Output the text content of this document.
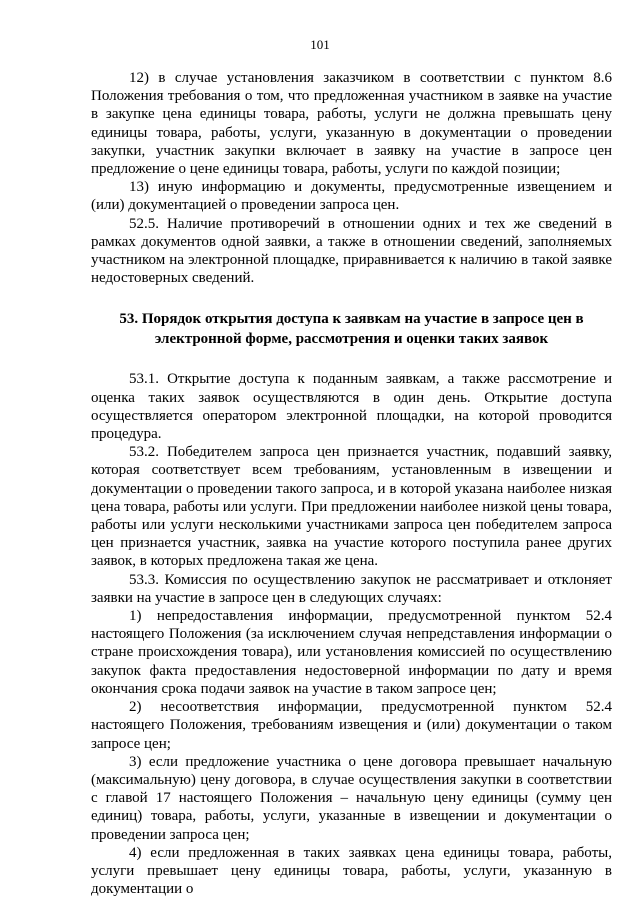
101

12) в случае установления заказчиком в соответствии с пунктом 8.6 Положения требования о том, что предложенная участником в заявке на участие в закупке цена единицы товара, работы, услуги не должна превышать цену единицы товара, работы, услуги, указанную в документации о проведении закупки, участник закупки включает в заявку на участие в запросе цен предложение о цене единицы товара, работы, услуги по каждой позиции;

13) иную информацию и документы, предусмотренные извещением и (или) документацией о проведении запроса цен.

52.5. Наличие противоречий в отношении одних и тех же сведений в рамках документов одной заявки, а также в отношении сведений, заполняемых участником на электронной площадке, приравнивается к наличию в такой заявке недостоверных сведений.

53. Порядок открытия доступа к заявкам на участие в запросе цен в электронной форме, рассмотрения и оценки таких заявок

53.1. Открытие доступа к поданным заявкам, а также рассмотрение и оценка таких заявок осуществляются в один день. Открытие доступа осуществляется оператором электронной площадки, на которой проводится процедура.

53.2. Победителем запроса цен признается участник, подавший заявку, которая соответствует всем требованиям, установленным в извещении и документации о проведении такого запроса, и в которой указана наиболее низкая цена товара, работы или услуги. При предложении наиболее низкой цены товара, работы или услуги несколькими участниками запроса цен победителем запроса цен признается участник, заявка на участие которого поступила ранее других заявок, в которых предложена такая же цена.

53.3. Комиссия по осуществлению закупок не рассматривает и отклоняет заявки на участие в запросе цен в следующих случаях:

1) непредоставления информации, предусмотренной пунктом 52.4 настоящего Положения (за исключением случая непредставления информации о стране происхождения товара), или установления комиссией по осуществлению закупок факта предоставления недостоверной информации по дату и время окончания срока подачи заявок на участие в таком запросе цен;

2) несоответствия информации, предусмотренной пунктом 52.4 настоящего Положения, требованиям извещения и (или) документации о таком запросе цен;

3) если предложение участника о цене договора превышает начальную (максимальную) цену договора, в случае осуществления закупки в соответствии с главой 17 настоящего Положения – начальную цену единицы (сумму цен единиц) товара, работы, услуги, указанные в извещении и документации о проведении запроса цен;

4) если предложенная в таких заявках цена единицы товара, работы, услуги превышает цену единицы товара, работы, услуги, указанную в документации о
